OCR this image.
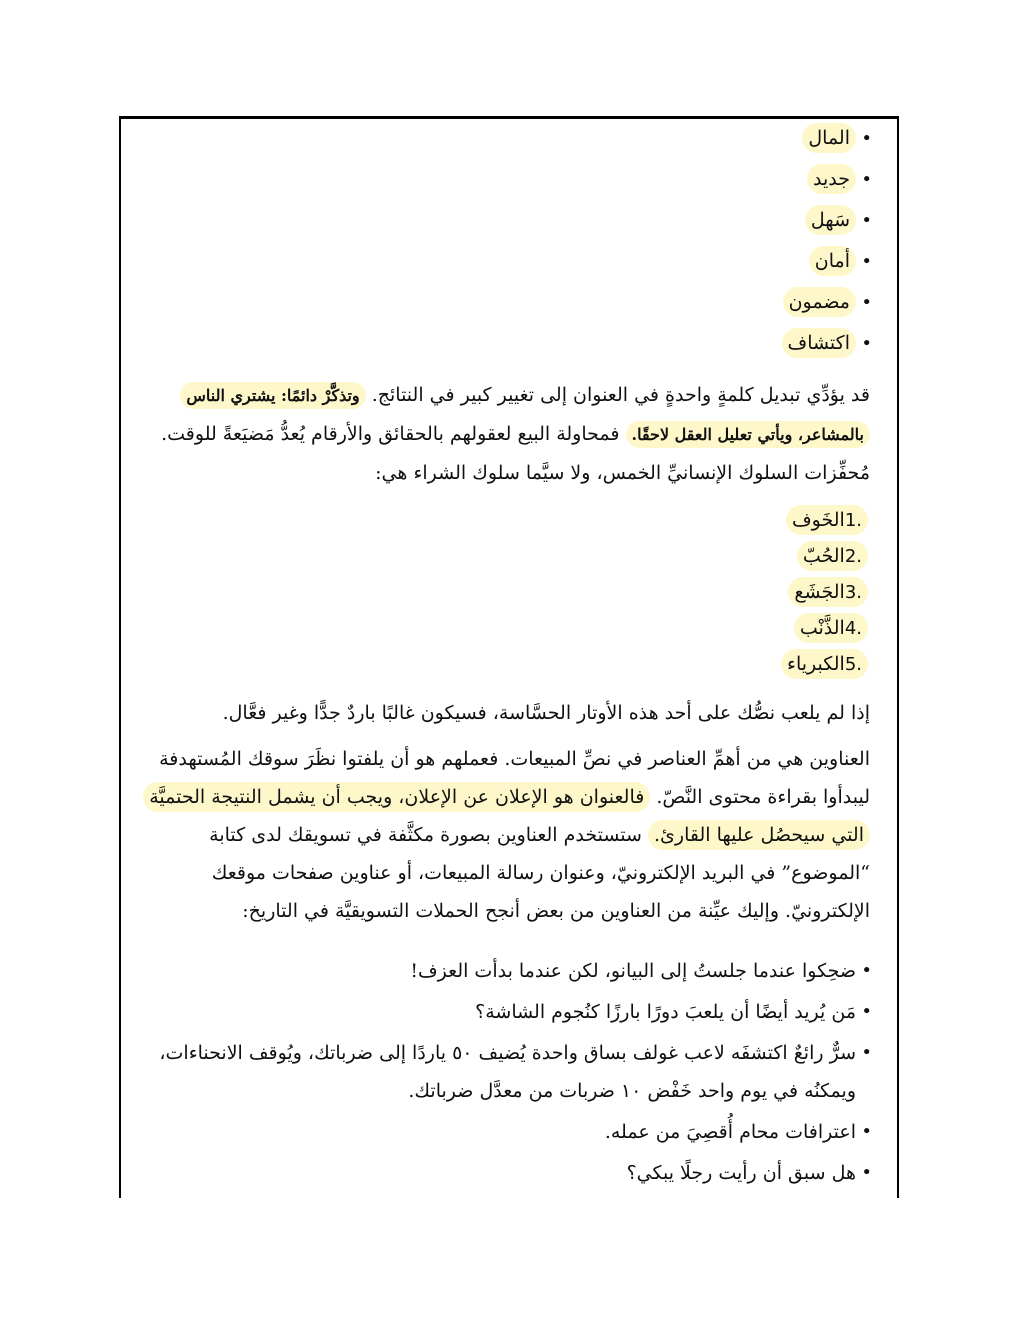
• المال
• جديد
• سَهل
• أمان
• مضمون
• اكتشاف

قد يؤدِّي تبديل كلمةٍ واحدةٍ في العنوان إلى تغيير كبير في النتائج. وتذكَّرْ دائمًا: يشتري الناس بالمشاعر، ويأتي تعليل العقل لاحقًا. فمحاولة البيع لعقولهم بالحقائق والأرقام يُعدُّ مَضيَعةً للوقت.

مُحفِّزات السلوك الإنسانيِّ الخمس، ولا سيَّما سلوك الشراء هي:

1.الخَوف
2.الحُبّ
3.الجَشَع
4.الذَّنْب
5.الكبرياء

إذا لم يلعب نصُّك على أحد هذه الأوتار الحسَّاسة، فسيكون غالبًا باردٌ جدًّا وغير فعَّال.

العناوين هي من أهمِّ العناصر في نصِّ المبيعات. فعملهم هو أن يلفتوا نظَرَ سوقك المُستهدفة ليبدأوا بقراءة محتوى النَّصّ. فالعنوان هو الإعلان عن الإعلان، ويجب أن يشمل النتيجة الحتميَّة التي سيحصُل عليها القارئ. ستستخدم العناوين بصورة مكثَّفة في تسويقك لدى كتابة “الموضوع” في البريد الإلكترونيّ، وعنوان رسالة المبيعات، أو عناوين صفحات موقعك الإلكترونيّ. وإليك عيِّنة من العناوين من بعض أنجح الحملات التسويقيَّة في التاريخ:

• ضحِكوا عندما جلستُ إلى البيانو، لكن عندما بدأت العزف!
• مَن يُريد أيضًا أن يلعبَ دورًا بارزًا كنُجوم الشاشة؟
• سرٌّ رائعٌ اكتشفَه لاعب غولف بساق واحدة يُضيف ٥٠ ياردًا إلى ضرباتك، ويُوقف الانحناءات، ويمكنُه في يوم واحد خَفْض ١٠ ضربات من معدَّل ضرباتك.
• اعترافات محام أُقصِيَ من عمله.
• هل سبق أن رأيت رجلًا يبكي؟
